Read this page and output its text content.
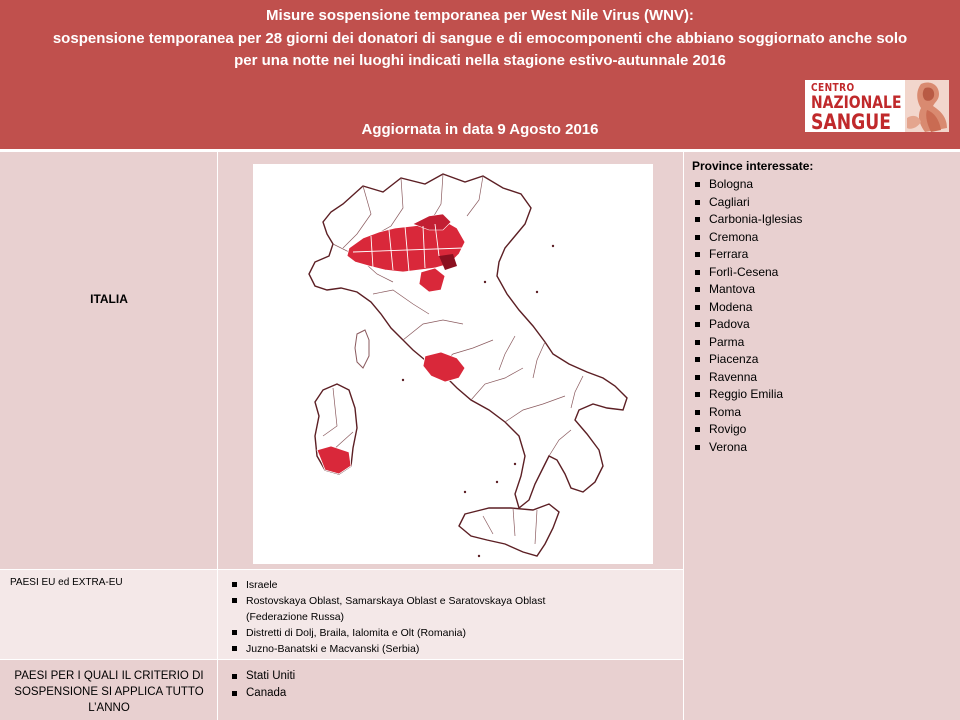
Misure sospensione temporanea per West Nile Virus (WNV):
sospensione temporanea per 28 giorni dei donatori di sangue e di emocomponenti che abbiano soggiornato anche solo
per una notte nei luoghi indicati nella stagione estivo-autunnale 2016
Aggiornata in data 9 Agosto 2016
CENTRO
NAZIONALE
SANGUE
ITALIA
Province interessate:
Bologna
Cagliari
Carbonia-Iglesias
Cremona
Ferrara
Forlì-Cesena
Mantova
Modena
Padova
Parma
Piacenza
Ravenna
Reggio Emilia
Roma
Rovigo
Verona
PAESI EU ed EXTRA-EU	Israele
Rostovskaya Oblast, Samarskaya Oblast e Saratovskaya Oblast
(Federazione Russa)
Distretti di Dolj, Braila, Ialomita e Olt (Romania)
Juzno-Banatski e Macvanski (Serbia)
PAESI PER I QUALI IL CRITERIO DI
SOSPENSIONE SI APPLICA TUTTO
L’ANNO
Stati Uniti
Canada
